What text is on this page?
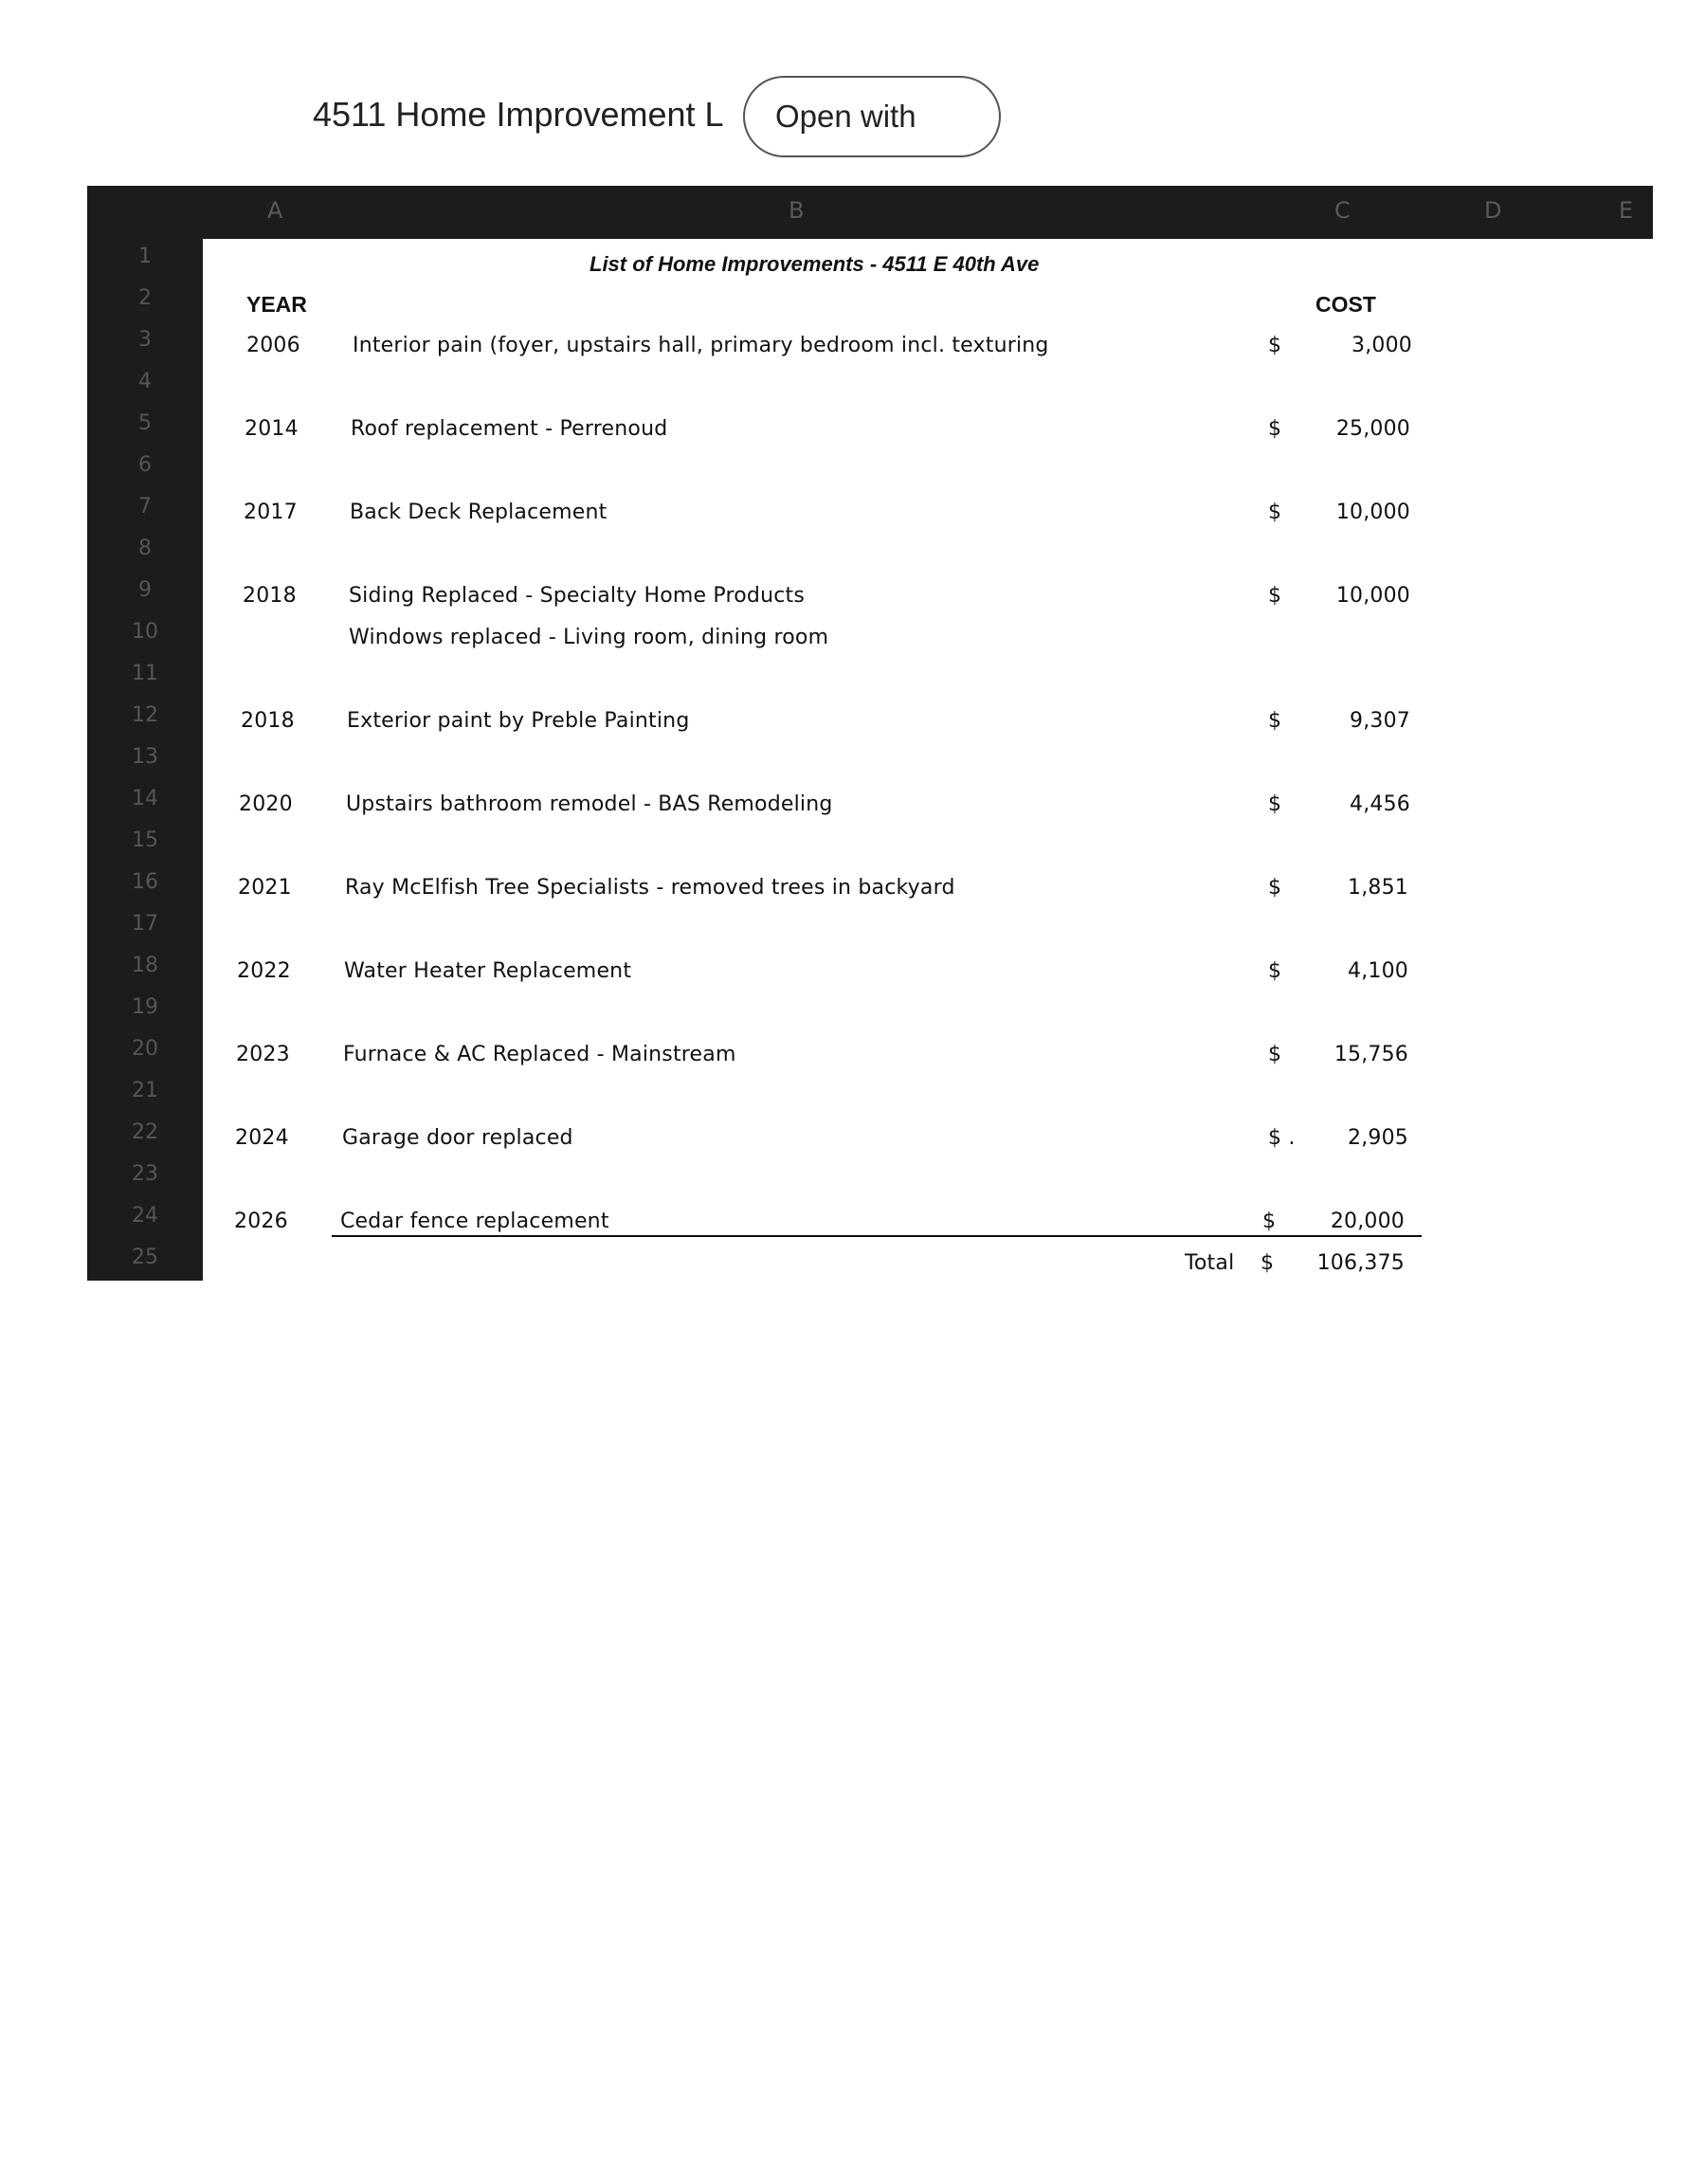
4511 Home Improvement L	Open with
A	B	C	D	E
1
2
3
4
5
6
7
8
9
10
11
12
13
14
15
16
17
18
19
20
21
22
23
24
25
List of Home Improvements - 4511 E 40th Ave
YEAR	COST
2006	Interior pain (foyer, upstairs hall, primary bedroom incl. texturing	$	3,000
2014	Roof replacement - Perrenoud	$	25,000
2017	Back Deck Replacement	$	10,000
2018	Siding Replaced - Specialty Home Products	$	10,000
Windows replaced - Living room, dining room
2018	Exterior paint by Preble Painting	$	9,307
2020	Upstairs bathroom remodel - BAS Remodeling	$	4,456
2021	Ray McElfish Tree Specialists - removed trees in backyard	$	1,851
2022	Water Heater Replacement	$	4,100
2023	Furnace & AC Replaced - Mainstream	$	15,756
2024	Garage door replaced	$ .	2,905
2026	Cedar fence replacement	$	20,000
Total $	106,375
